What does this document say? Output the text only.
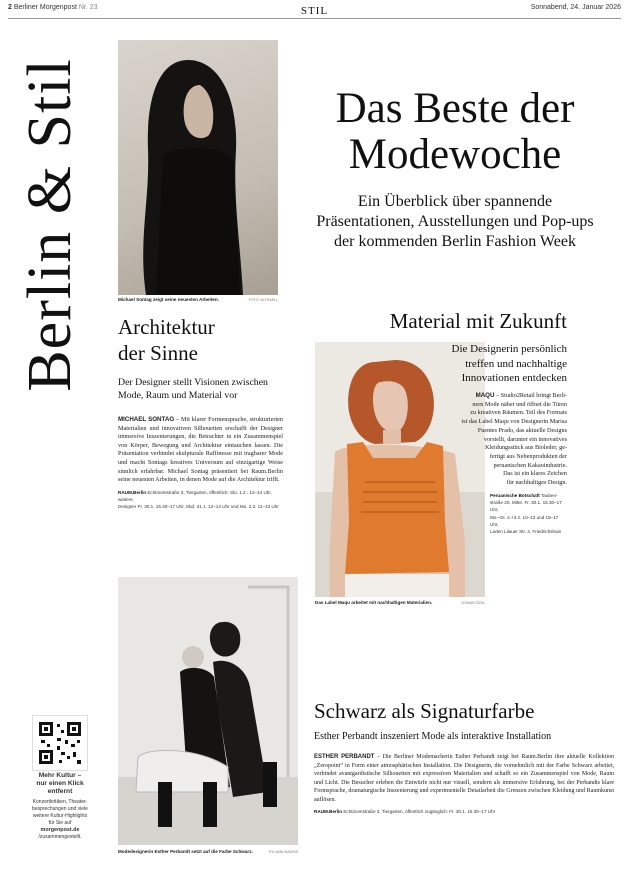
2 Berliner Morgenpost Nr. 23	STIL	Sonnabend, 24. Januar 2026
Berlin & Stil	Michael Sontag zeigt seine neuesten Arbeiten.	FOTO: ALTHAELL
Das Beste der
Modewoche
Ein Überblick über spannende
Präsentationen, Ausstellungen und Pop-ups
der kommenden Berlin Fashion Week
Architektur
der Sinne
Der Designer stellt Visionen zwischen
Mode, Raum und Material vor
MICHAEL SONTAG – Mit klarer Formensprache, strukturierten Materialien und innovativen Silhouetten erschafft der Designer immersive Inszenierungen, die Betrachter in ein Zusammenspiel von Körper, Bewegung und Architektur eintauchen lassen. Die Präsentation verbindet skulpturale Raffinesse mit tragbarer Mode und macht Sontags kreatives Universum auf einzigartige Weise sinnlich erfahrbar. Michael Sontag präsentiert bei Raum.Berlin seine neuesten Arbeiten, in denen Mode auf die Architektur trifft.
RAUM.Berlin Echtinomstraße 3, Tiergarten, öffentlich: Sbi. 1.2.: 12–14 Uhr, weitere
Designer Fr. 30.1. 15.30–17 Uhr, Sbd. 31.1. 12–14 Uhr und Mo. 2.2. 11–13 Uhr
Material mit Zukunft
Das Label Maqu arbeitet mit nachhaltigen Materialien.	OSMAN ÖZKL
Die Designerin persönlich
treffen und nachhaltige
Innovationen entdecken
MAQU – Studio2Retail bringt Berli-
nern Mode näher und öffnet die Türen
zu kreativen Räumen. Teil des Formats
ist das Label Maqu von Designerin Marisa
Fuentes Prado, das aktuelle Designs
vorstellt, darunter ein innovatives
Kleidungsstück aus Bioleder, ge-
fertigt aus Nebenprodukten der
peruanischen Kakaoindustrie.
Das ist ein klares Zeichen
für nachhaltiges Design.
Peruanische Botschaft Tauben-
straße 20, Mitte. Fr. 30.1. 15.30–17 Uhr,
Mo.–Di. 2.+3.2. 10–13 und 15–17 Uhr,
Laden Lilauer Str. 4, Friedrichshain
Modedesignerin Esther Perbandt setzt auf die Farbe Schwarz.	SYLVANI MAKRIS
Mehr Kultur –
nur einen Klick
entfernt
Konzertkritiken, Theater-
besprechungen und viele
weitere Kultur-Highlights
für Sie auf
morgenpost.de
/zusammengestellt.
Schwarz als Signaturfarbe
Esther Perbandt inszeniert Mode als interaktive Installation
ESTHER PERBANDT – Die Berliner Modemacherin Esther Perbandt zeigt bei Raum.Berlin ihre aktuelle Kollektion „Zeropoint“ in Form einer atmosphärischen Installation. Die Designerin, die vornehmlich mit der Farbe Schwarz arbeitet, verbindet avantgardistische Silhouetten mit expressiven Materialien und schafft so ein Zusammenspiel von Mode, Raum und Licht. Die Besucher erleben die Entwürfe nicht nur visuell, sondern als immersive Erfahrung, bei der Perbandts klare Formsprache, dramaturgische Inszenierung und experimentelle Detailarbeit die Grenzen zwischen Kleidung und Raumkunst auflösen.
RAUM.Berlin Echtinomstraße 3, Tiergarten, öffentlich zugänglich: Fr. 30.1. 15.30–17 Uhr
